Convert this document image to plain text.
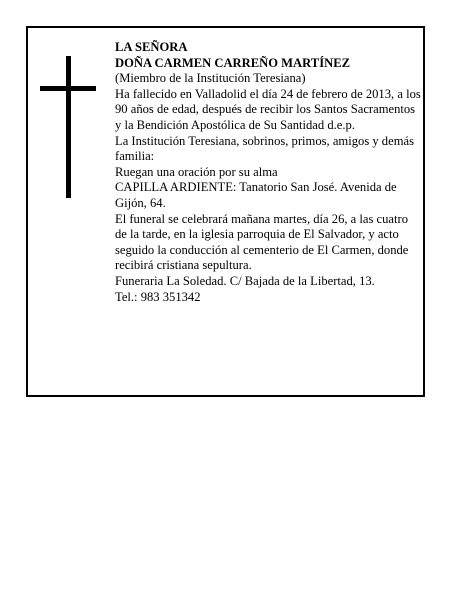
LA SEÑORA

DOÑA CARMEN CARREÑO MARTÍNEZ

(Miembro de la Institución Teresiana)

Ha fallecido en Valladolid el día 24 de febrero de 2013, a los 90 años de edad, después de recibir los Santos Sacramentos y la Bendición Apostólica de Su Santidad d.e.p.

La Institución Teresiana, sobrinos, primos, amigos y demás familia:

Ruegan una oración por su alma

CAPILLA ARDIENTE: Tanatorio San José. Avenida de Gijón, 64.

El funeral se celebrará mañana martes, día 26, a las cuatro de la tarde, en la iglesia parroquia de El Salvador, y acto seguido la conducción al cementerio de El Carmen, donde recibirá cristiana sepultura.

Funeraria La Soledad. C/ Bajada de la Libertad, 13.

Tel.: 983 351342
